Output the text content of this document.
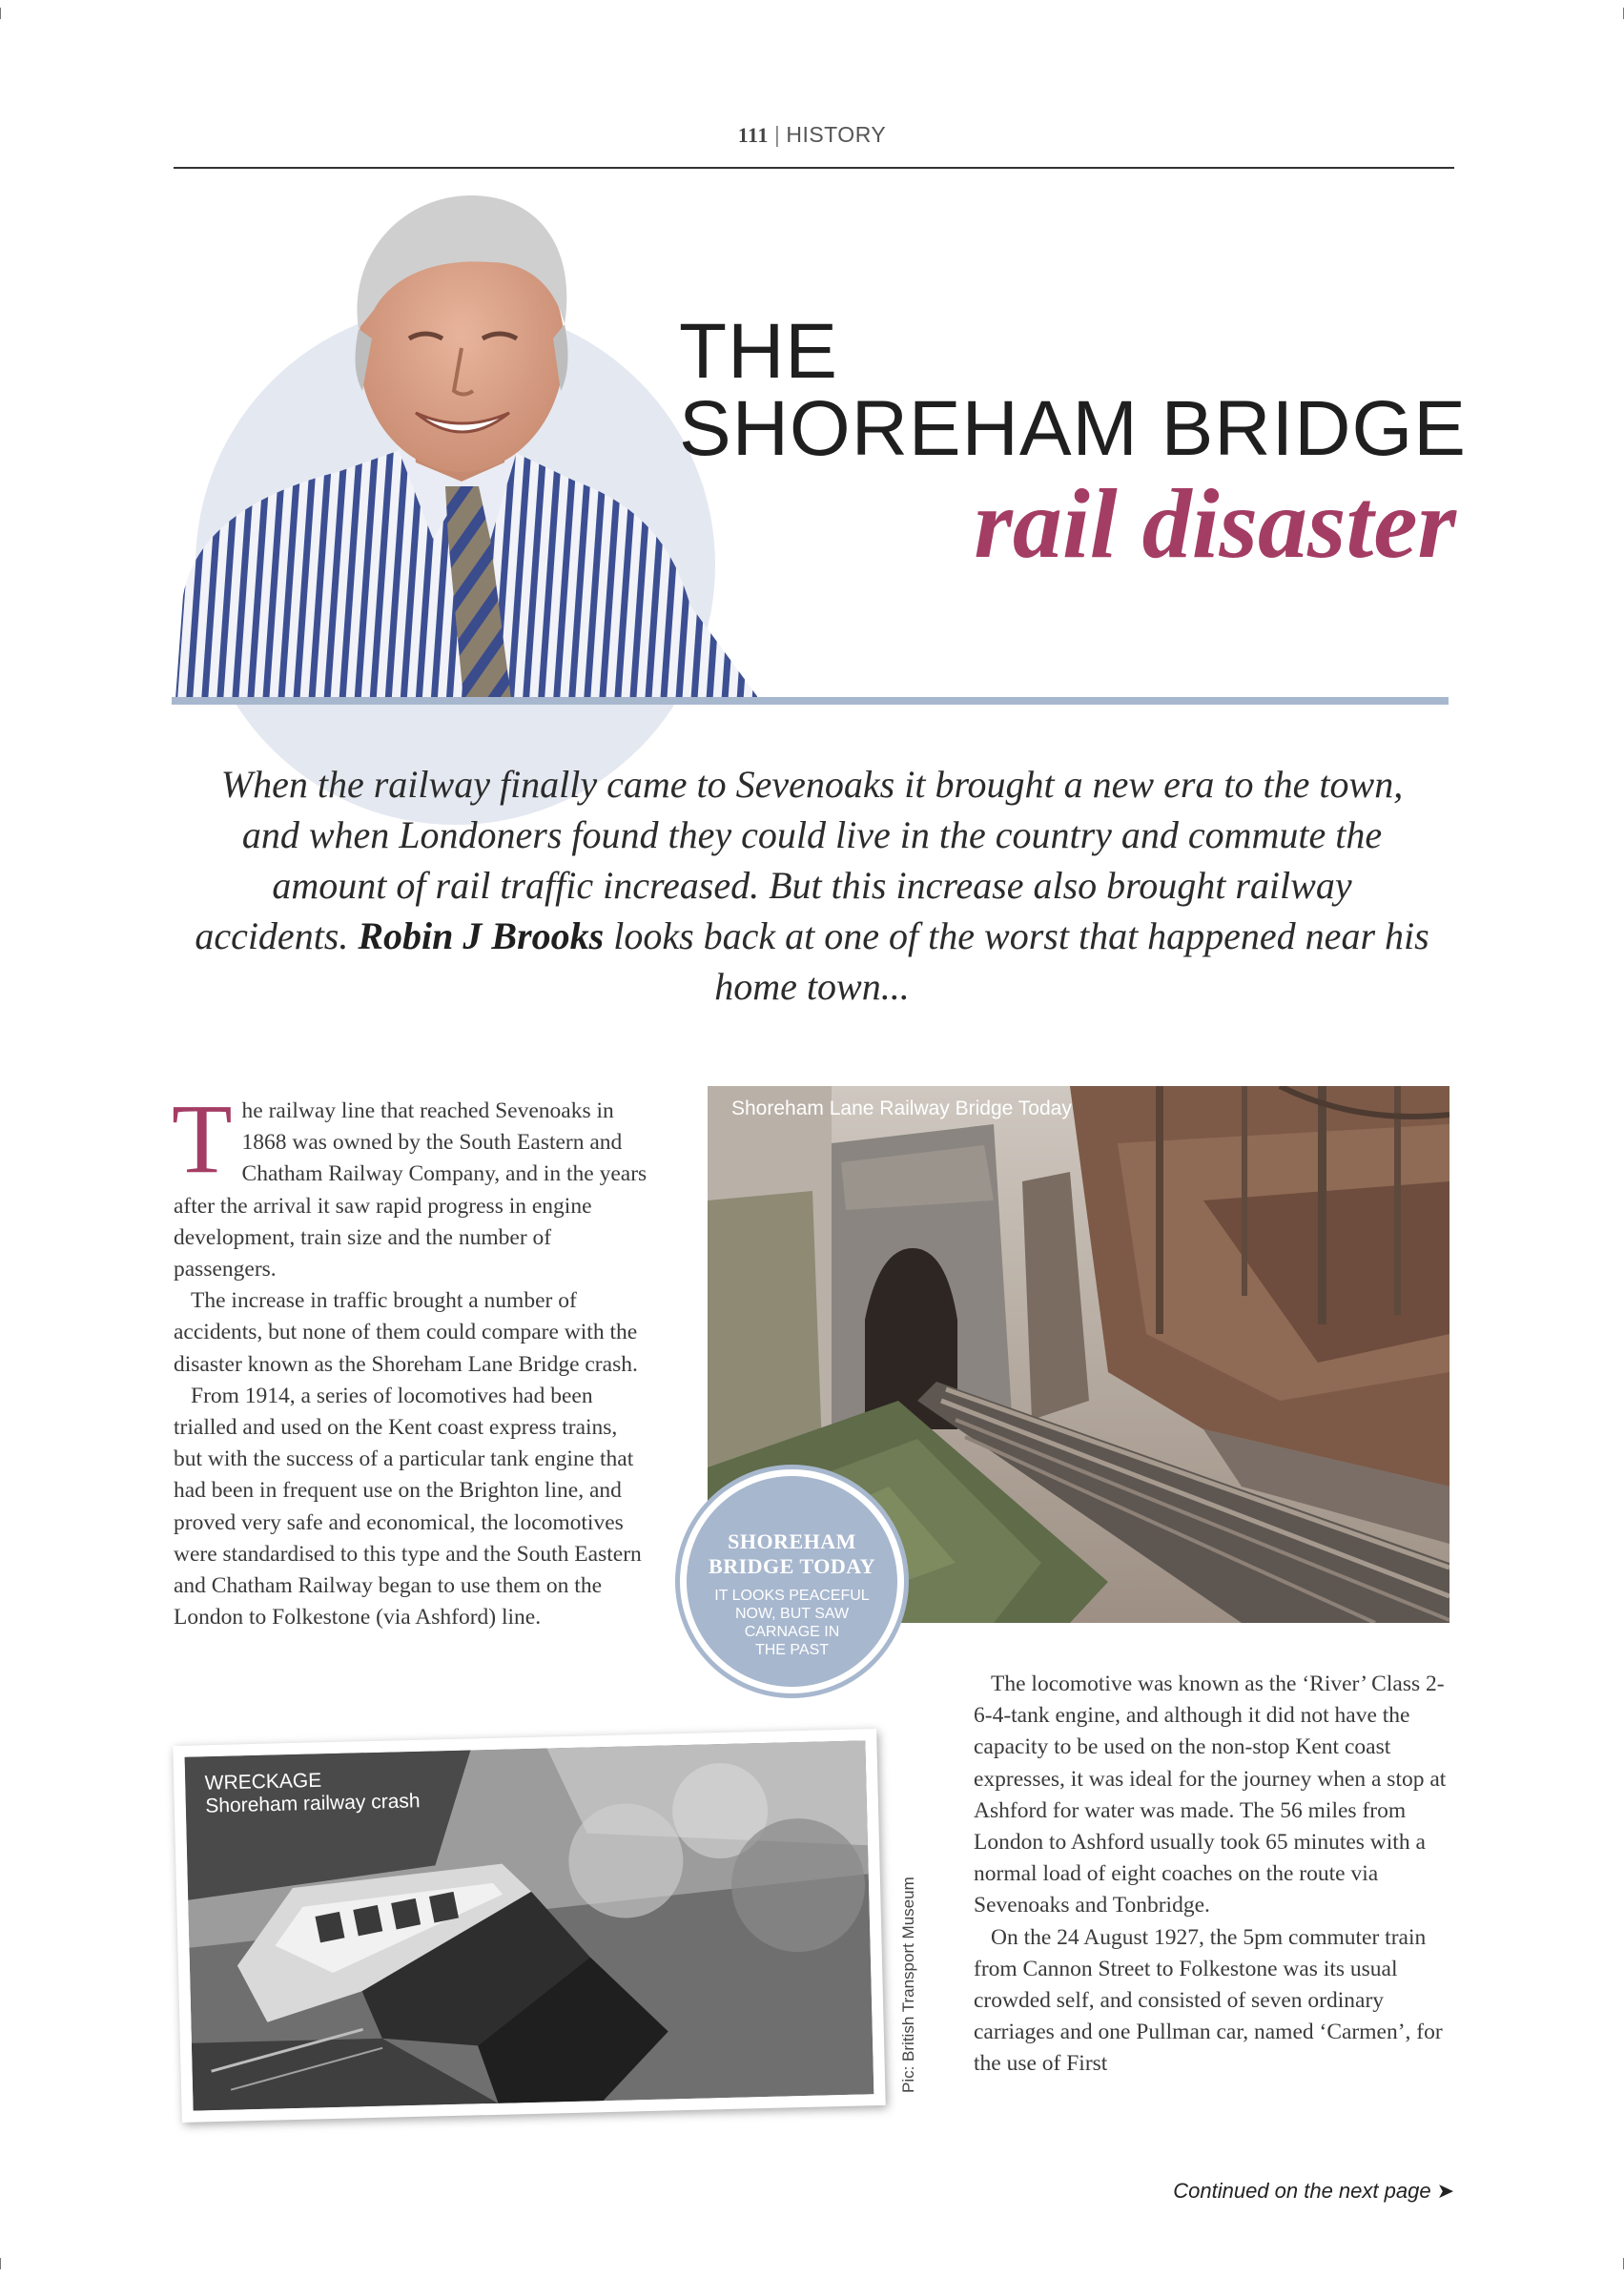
111 | HISTORY
THE
SHOREHAM BRIDGE
rail disaster
When the railway finally came to Sevenoaks it brought a new era to the town, and when Londoners found they could live in the country and commute the amount of rail traffic increased. But this increase also brought railway accidents. Robin J Brooks looks back at one of the worst that happened near his home town...
T he railway line that reached Sevenoaks in 1868 was owned by the South Eastern and Chatham Railway Company, and in the years after the arrival it saw rapid progress in engine development, train size and the number of passengers.

The increase in traffic brought a number of accidents, but none of them could compare with the disaster known as the Shoreham Lane Bridge crash.

From 1914, a series of locomotives had been trialled and used on the Kent coast express trains, but with the success of a particular tank engine that had been in frequent use on the Brighton line, and proved very safe and economical, the locomotives were standardised to this type and the South Eastern and Chatham Railway began to use them on the London to Folkestone (via Ashford) line.

Shoreham Lane Railway Bridge Today
SHOREHAM
BRIDGE TODAY
IT LOOKS PEACEFUL
NOW, BUT SAW
CARNAGE IN
THE PAST
WRECKAGE
Shoreham railway crash
Pic: British Transport Museum

The locomotive was known as the ‘River’ Class 2-6-4-tank engine, and although it did not have the capacity to be used on the non-stop Kent coast expresses, it was ideal for the journey when a stop at Ashford for water was made. The 56 miles from London to Ashford usually took 65 minutes with a normal load of eight coaches on the route via Sevenoaks and Tonbridge.

On the 24 August 1927, the 5pm commuter train from Cannon Street to Folkestone was its usual crowded self, and consisted of seven ordinary carriages and one Pullman car, named ‘Carmen’, for the use of First

Continued on the next page ➤
